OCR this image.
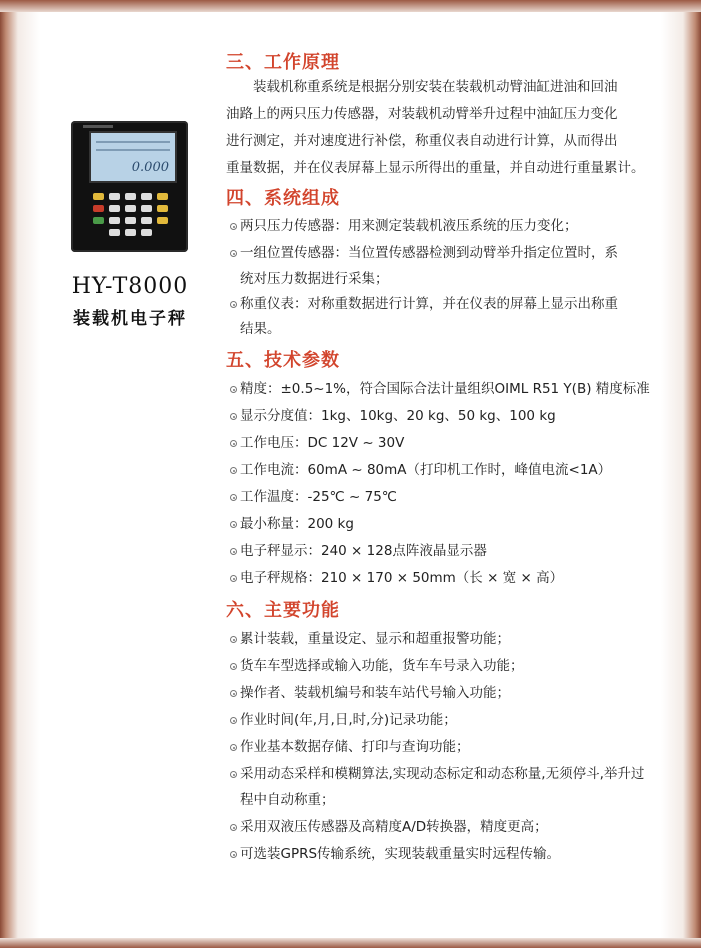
0.000
HY-T8000
装载机电子秤
三、工作原理
装载机称重系统是根据分别安装在装载机动臂油缸进油和回油
油路上的两只压力传感器，对装载机动臂举升过程中油缸压力变化
进行测定，并对速度进行补偿，称重仪表自动进行计算，从而得出
重量数据，并在仪表屏幕上显示所得出的重量，并自动进行重量累计。
四、系统组成
两只压力传感器：用来测定装载机液压系统的压力变化；
一组位置传感器：当位置传感器检测到动臂举升指定位置时，系
统对压力数据进行采集；
称重仪表：对称重数据进行计算，并在仪表的屏幕上显示出称重
结果。
五、技术参数
精度：±0.5~1%，符合国际合法计量组织OIML R51 Y(B) 精度标准
显示分度值：1kg、10kg、20 kg、50 kg、100 kg
工作电压：DC 12V ~ 30V
工作电流：60mA ~ 80mA（打印机工作时，峰值电流<1A）
工作温度：-25℃ ~ 75℃
最小称量：200 kg
电子秤显示：240 × 128点阵液晶显示器
电子秤规格：210 × 170 × 50mm（长 × 宽 × 高）
六、主要功能
累计装载，重量设定、显示和超重报警功能；
货车车型选择或输入功能，货车车号录入功能；
操作者、装载机编号和装车站代号输入功能；
作业时间(年,月,日,时,分)记录功能；
作业基本数据存储、打印与查询功能；
采用动态采样和模糊算法,实现动态标定和动态称量,无须停斗,举升过
程中自动称重；
采用双液压传感器及高精度A/D转换器，精度更高；
可选装GPRS传输系统，实现装载重量实时远程传输。
